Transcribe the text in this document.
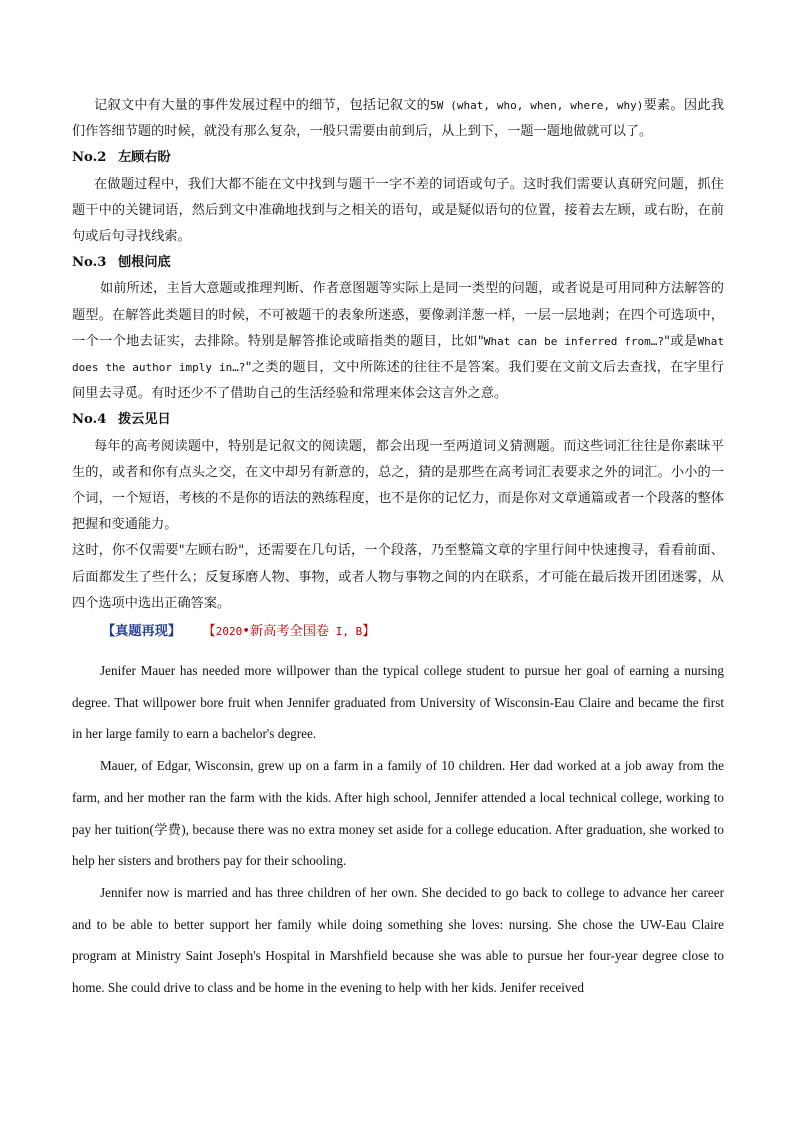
记叙文中有大量的事件发展过程中的细节，包括记叙文的5W (what, who, when, where, why)要素。因此我们作答细节题的时候，就没有那么复杂，一般只需要由前到后，从上到下，一题一题地做就可以了。

No.2 左顾右盼

在做题过程中，我们大都不能在文中找到与题干一字不差的词语或句子。这时我们需要认真研究问题，抓住题干中的关键词语，然后到文中准确地找到与之相关的语句，或是疑似语句的位置，接着去左顾，或右盼，在前句或后句寻找线索。

No.3 刨根问底

如前所述，主旨大意题或推理判断、作者意图题等实际上是同一类型的问题，或者说是可用同种方法解答的题型。在解答此类题目的时候，不可被题干的表象所迷惑，要像剥洋葱一样，一层一层地剥；在四个可选项中，一个一个地去证实，去排除。特别是解答推论或暗指类的题目，比如"What can be inferred from…?"或是What does the author imply in…?"之类的题目，文中所陈述的往往不是答案。我们要在文前文后去查找，在字里行间里去寻觅。有时还少不了借助自己的生活经验和常理来体会这言外之意。

No.4 拨云见日

每年的高考阅读题中，特别是记叙文的阅读题，都会出现一至两道词义猜测题。而这些词汇往往是你素昧平生的，或者和你有点头之交，在文中却另有新意的，总之，猜的是那些在高考词汇表要求之外的词汇。小小的一个词，一个短语，考核的不是你的语法的熟练程度，也不是你的记忆力，而是你对文章通篇或者一个段落的整体把握和变通能力。

这时，你不仅需要"左顾右盼"，还需要在几句话，一个段落，乃至整篇文章的字里行间中快速搜寻，看看前面、后面都发生了些什么；反复琢磨人物、事物，或者人物与事物之间的内在联系，才可能在最后拨开团团迷雾，从四个选项中选出正确答案。

【真题再现】 【2020•新高考全国卷 I, B】

Jenifer Mauer has needed more willpower than the typical college student to pursue her goal of earning a nursing degree. That willpower bore fruit when Jennifer graduated from University of Wisconsin-Eau Claire and became the first in her large family to earn a bachelor's degree.

Mauer, of Edgar, Wisconsin, grew up on a farm in a family of 10 children. Her dad worked at a job away from the farm, and her mother ran the farm with the kids. After high school, Jennifer attended a local technical college, working to pay her tuition(学费), because there was no extra money set aside for a college education. After graduation, she worked to help her sisters and brothers pay for their schooling.

Jennifer now is married and has three children of her own. She decided to go back to college to advance her career and to be able to better support her family while doing something she loves: nursing. She chose the UW-Eau Claire program at Ministry Saint Joseph's Hospital in Marshfield because she was able to pursue her four-year degree close to home. She could drive to class and be home in the evening to help with her kids. Jenifer received
